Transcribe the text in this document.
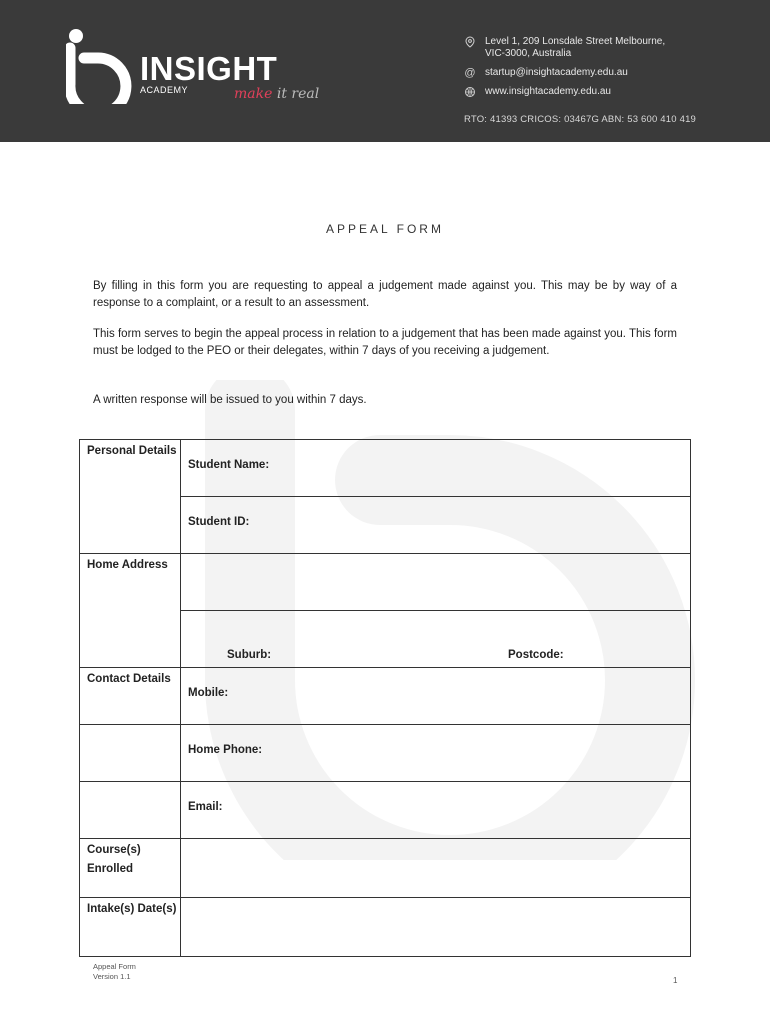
INSIGHT
ACADEMY	make it real
Level 1, 209 Lonsdale Street Melbourne,
VIC-3000, Australia
@ startup@insightacademy.edu.au
www.insightacademy.edu.au
RTO: 41393 CRICOS: 03467G ABN: 53 600 410 419
APPEAL FORM
By filling in this form you are requesting to appeal a judgement made against you. This may be by way of a response to a complaint, or a result to an assessment.
This form serves to begin the appeal process in relation to a judgement that has been made against you. This form must be lodged to the PEO or their delegates, within 7 days of you receiving a judgement.
A written response will be issued to you within 7 days.
Personal Details	Student Name:
	Student ID:
Home Address	

	Suburb: Postcode:

Contact Details	Mobile:
	Home Phone:
	Email:
Course(s) Enrolled	
Intake(s) Date(s)	
Appeal Form
Version 1.1	1
